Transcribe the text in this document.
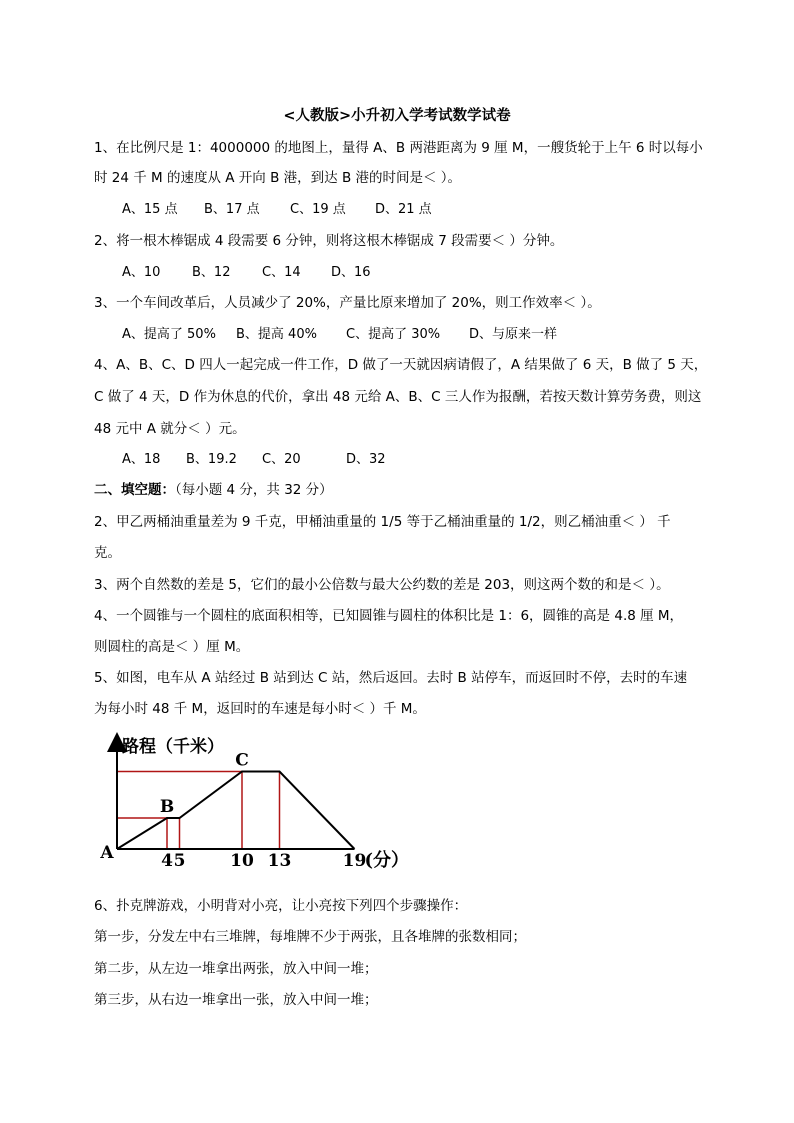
<人教版>小升初入学考试数学试卷
1、在比例尺是 1：4000000 的地图上，量得 A、B 两港距离为 9 厘 M，一艘货轮于上午 6 时以每小
时 24 千 M 的速度从 A 开向 B 港，到达 B 港的时间是＜ ）。
A、15 点 B、17 点 C、19 点 D、21 点
2、将一根木棒锯成 4 段需要 6 分钟，则将这根木棒锯成 7 段需要＜ ）分钟。
A、10 B、12 C、14 D、16
3、一个车间改革后，人员减少了 20%，产量比原来增加了 20%，则工作效率＜ ）。
A、提高了 50% B、提高 40% C、提高了 30% D、与原来一样
4、A、B、C、D 四人一起完成一件工作，D 做了一天就因病请假了，A 结果做了 6 天，B 做了 5 天，
C 做了 4 天，D 作为休息的代价，拿出 48 元给 A、B、C 三人作为报酬，若按天数计算劳务费，则这
48 元中 A 就分＜ ）元。
A、18 B、19.2 C、20	D、32
二、填空题：（每小题 4 分，共 32 分）
2、甲乙两桶油重量差为 9 千克，甲桶油重量的 1/5 等于乙桶油重量的 1/2，则乙桶油重＜ ） 千
克。
3、两个自然数的差是 5，它们的最小公倍数与最大公约数的差是 203，则这两个数的和是＜ ）。
4、一个圆锥与一个圆柱的底面积相等，已知圆锥与圆柱的体积比是 1：6，圆锥的高是 4.8 厘 M，
则圆柱的高是＜ ）厘 M。
5、如图，电车从 A 站经过 B 站到达 C 站，然后返回。去时 B 站停车，而返回时不停，去时的车速
为每小时 48 千 M，返回时的车速是每小时＜ ）千 M。
4 5	10 13	19
A
B
C
路程（千米）
(分）
6、扑克牌游戏，小明背对小亮，让小亮按下列四个步骤操作：
第一步，分发左中右三堆牌，每堆牌不少于两张，且各堆牌的张数相同；
第二步，从左边一堆拿出两张，放入中间一堆；
第三步，从右边一堆拿出一张，放入中间一堆；
